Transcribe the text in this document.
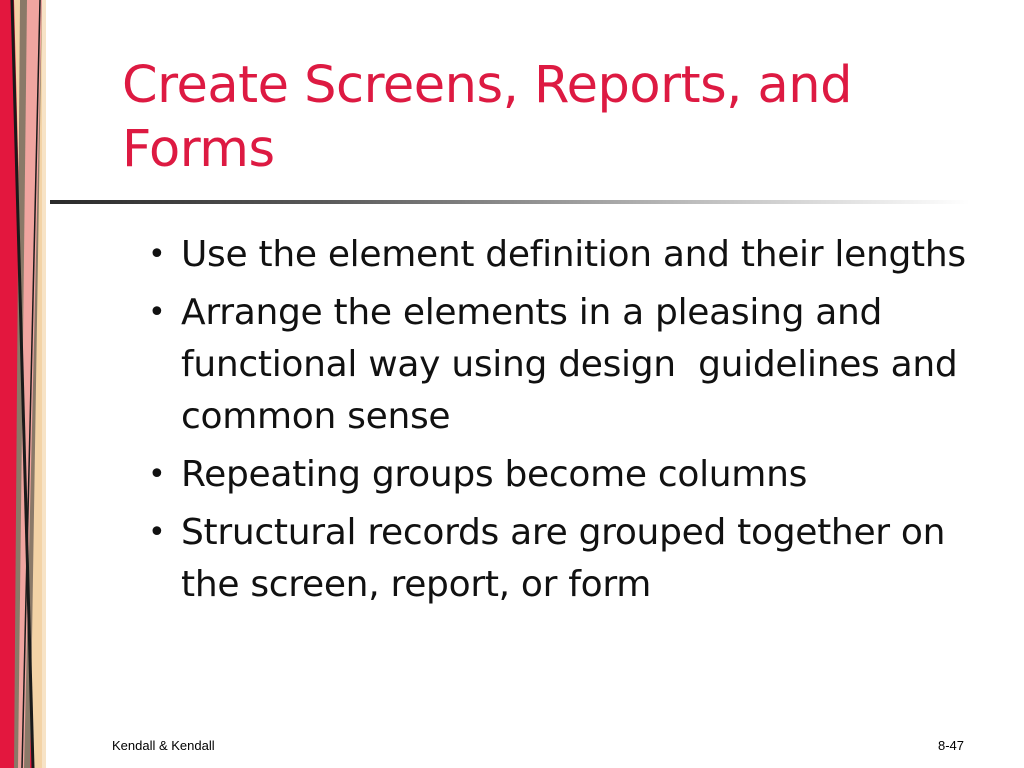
Create Screens, Reports, and Forms
• Use the element definition and their lengths
• Arrange the elements in a pleasing and functional way using design  guidelines and common sense
• Repeating groups become columns
• Structural records are grouped together on the screen, report, or form
Kendall & Kendall	8-47
